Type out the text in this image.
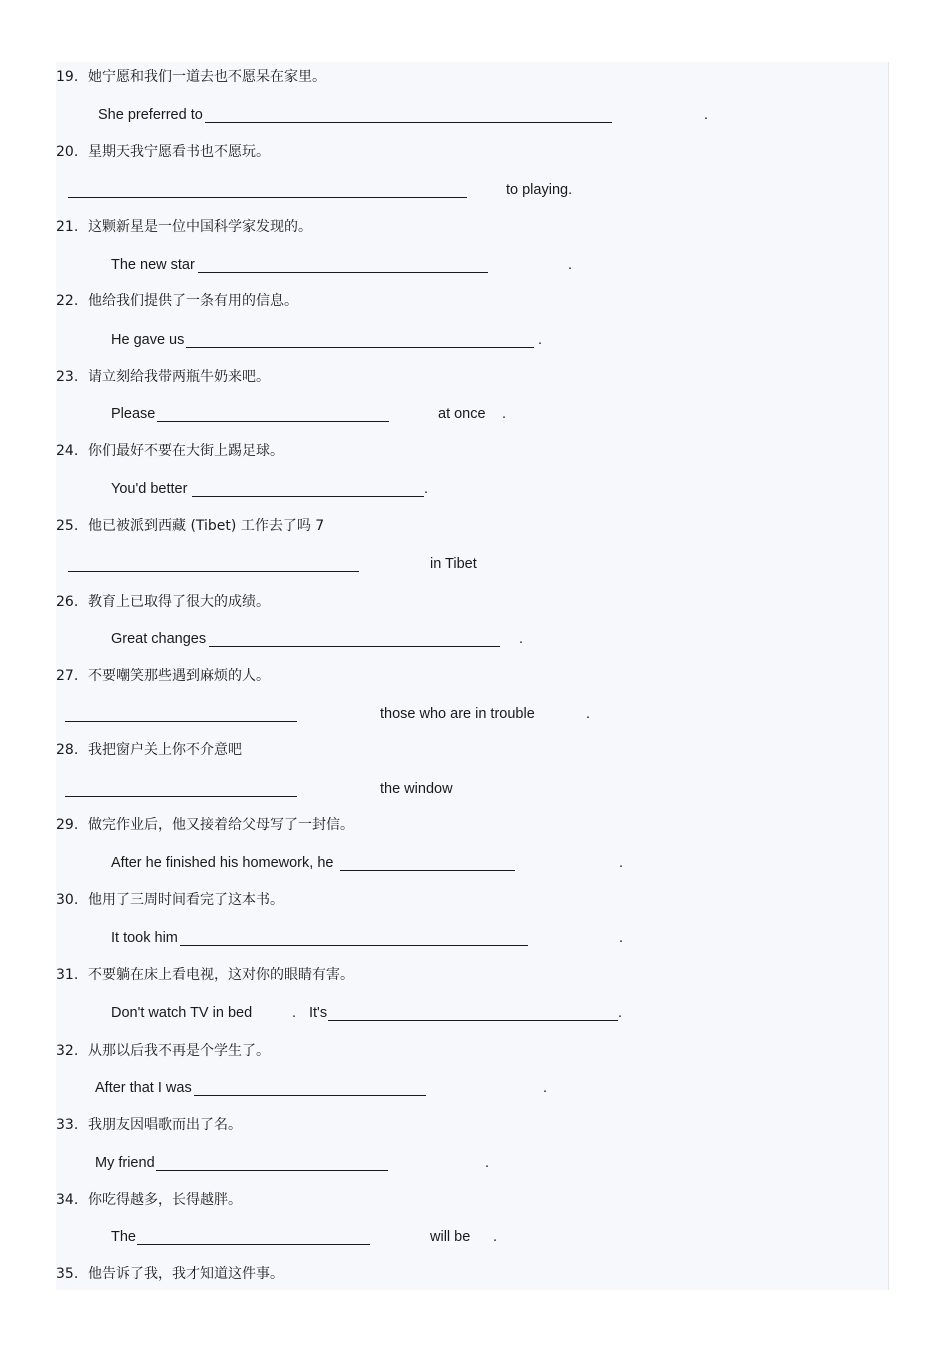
19. 她宁愿和我们一道去也不愿呆在家里。
She preferred to	.
20. 星期天我宁愿看书也不愿玩。
to playing.
21. 这颗新星是一位中国科学家发现的。
The new star	.
22. 他给我们提供了一条有用的信息。
He gave us	.
23. 请立刻给我带两瓶牛奶来吧。
Please	at once .
24. 你们最好不要在大街上踢足球。
You'd better	.
25. 他已被派到西藏 (Tibet) 工作去了吗 7
in Tibet
26. 教育上已取得了很大的成绩。
Great changes	.
27. 不要嘲笑那些遇到麻烦的人。
those who are in trouble	.
28. 我把窗户关上你不介意吧
the window
29. 做完作业后，他又接着给父母写了一封信。
After he finished his homework, he	.
30. 他用了三周时间看完了这本书。
It took him	.
31. 不要躺在床上看电视，这对你的眼睛有害。
Don't watch TV in bed	. It's	.
32. 从那以后我不再是个学生了。
After that I was	.
33. 我朋友因唱歌而出了名。
My friend	.
34. 你吃得越多，长得越胖。
The	will be .
35. 他告诉了我，我才知道这件事。
